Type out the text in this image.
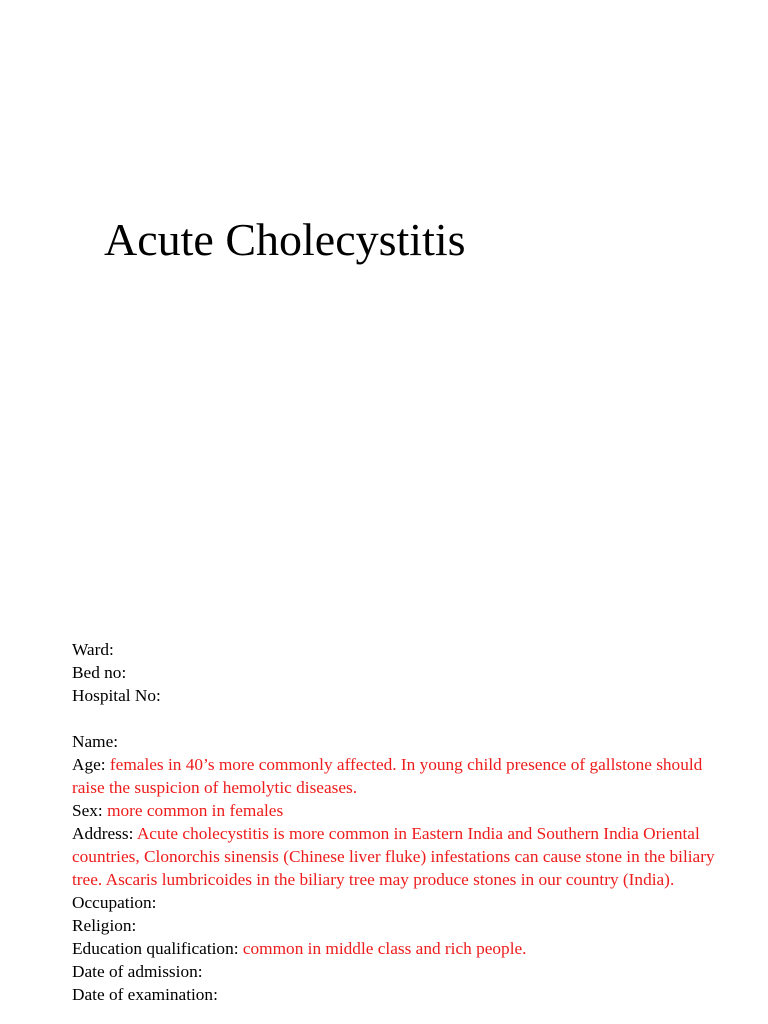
Acute Cholecystitis

Ward:

Bed no:

Hospital No:

Name:

Age: females in 40’s more commonly affected. In young child presence of gallstone should raise the suspicion of hemolytic diseases.

Sex: more common in females

Address: Acute cholecystitis is more common in Eastern India and Southern India Oriental countries, Clonorchis sinensis (Chinese liver fluke) infestations can cause stone in the biliary tree. Ascaris lumbricoides in the biliary tree may produce stones in our country (India).

Occupation:

Religion:

Education qualification: common in middle class and rich people.

Date of admission:

Date of examination:
